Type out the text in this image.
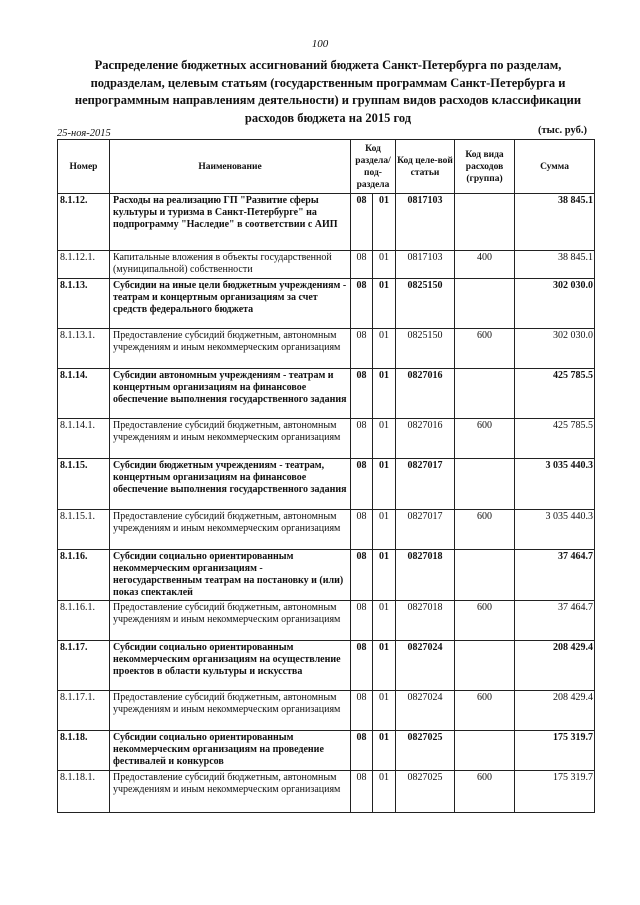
100
Распределение бюджетных ассигнований бюджета Санкт-Петербурга по разделам, подразделам, целевым статьям (государственным программам Санкт-Петербурга и непрограммным направлениям деятельности) и группам видов расходов классификации расходов бюджета на 2015 год
25-ноя-2015	(тыс. руб.)
Номер	Наименование	Код раздела/ под-раздела		Код целе-вой статьи	Код вида расходов (группа)	Сумма
8.1.12.	Расходы на реализацию ГП "Развитие сферы культуры и туризма в Санкт-Петербурге" на подпрограмму "Наследие" в соответствии с АИП	08	01	0817103		38 845.1
8.1.12.1.	Капитальные вложения в объекты государственной (муниципальной) собственности	08	01	0817103	400	38 845.1
8.1.13.	Субсидии на иные цели бюджетным учреждениям - театрам и концертным организациям за счет средств федерального бюджета	08	01	0825150		302 030.0
8.1.13.1.	Предоставление субсидий бюджетным, автономным учреждениям и иным некоммерческим организациям	08	01	0825150	600	302 030.0
8.1.14.	Субсидии автономным учреждениям - театрам и концертным организациям на финансовое обеспечение выполнения государственного задания	08	01	0827016		425 785.5
8.1.14.1.	Предоставление субсидий бюджетным, автономным учреждениям и иным некоммерческим организациям	08	01	0827016	600	425 785.5
8.1.15.	Субсидии бюджетным учреждениям - театрам, концертным организациям на финансовое обеспечение выполнения государственного задания	08	01	0827017		3 035 440.3
8.1.15.1.	Предоставление субсидий бюджетным, автономным учреждениям и иным некоммерческим организациям	08	01	0827017	600	3 035 440.3
8.1.16.	Субсидии социально ориентированным некоммерческим организациям - негосударственным театрам на постановку и (или) показ спектаклей	08	01	0827018		37 464.7
8.1.16.1.	Предоставление субсидий бюджетным, автономным учреждениям и иным некоммерческим организациям	08	01	0827018	600	37 464.7
8.1.17.	Субсидии социально ориентированным некоммерческим организациям на осуществление проектов в области культуры и искусства	08	01	0827024		208 429.4
8.1.17.1.	Предоставление субсидий бюджетным, автономным учреждениям и иным некоммерческим организациям	08	01	0827024	600	208 429.4
8.1.18.	Субсидии социально ориентированным некоммерческим организациям на проведение фестивалей и конкурсов	08	01	0827025		175 319.7
8.1.18.1.	Предоставление субсидий бюджетным, автономным учреждениям и иным некоммерческим организациям	08	01	0827025	600	175 319.7
